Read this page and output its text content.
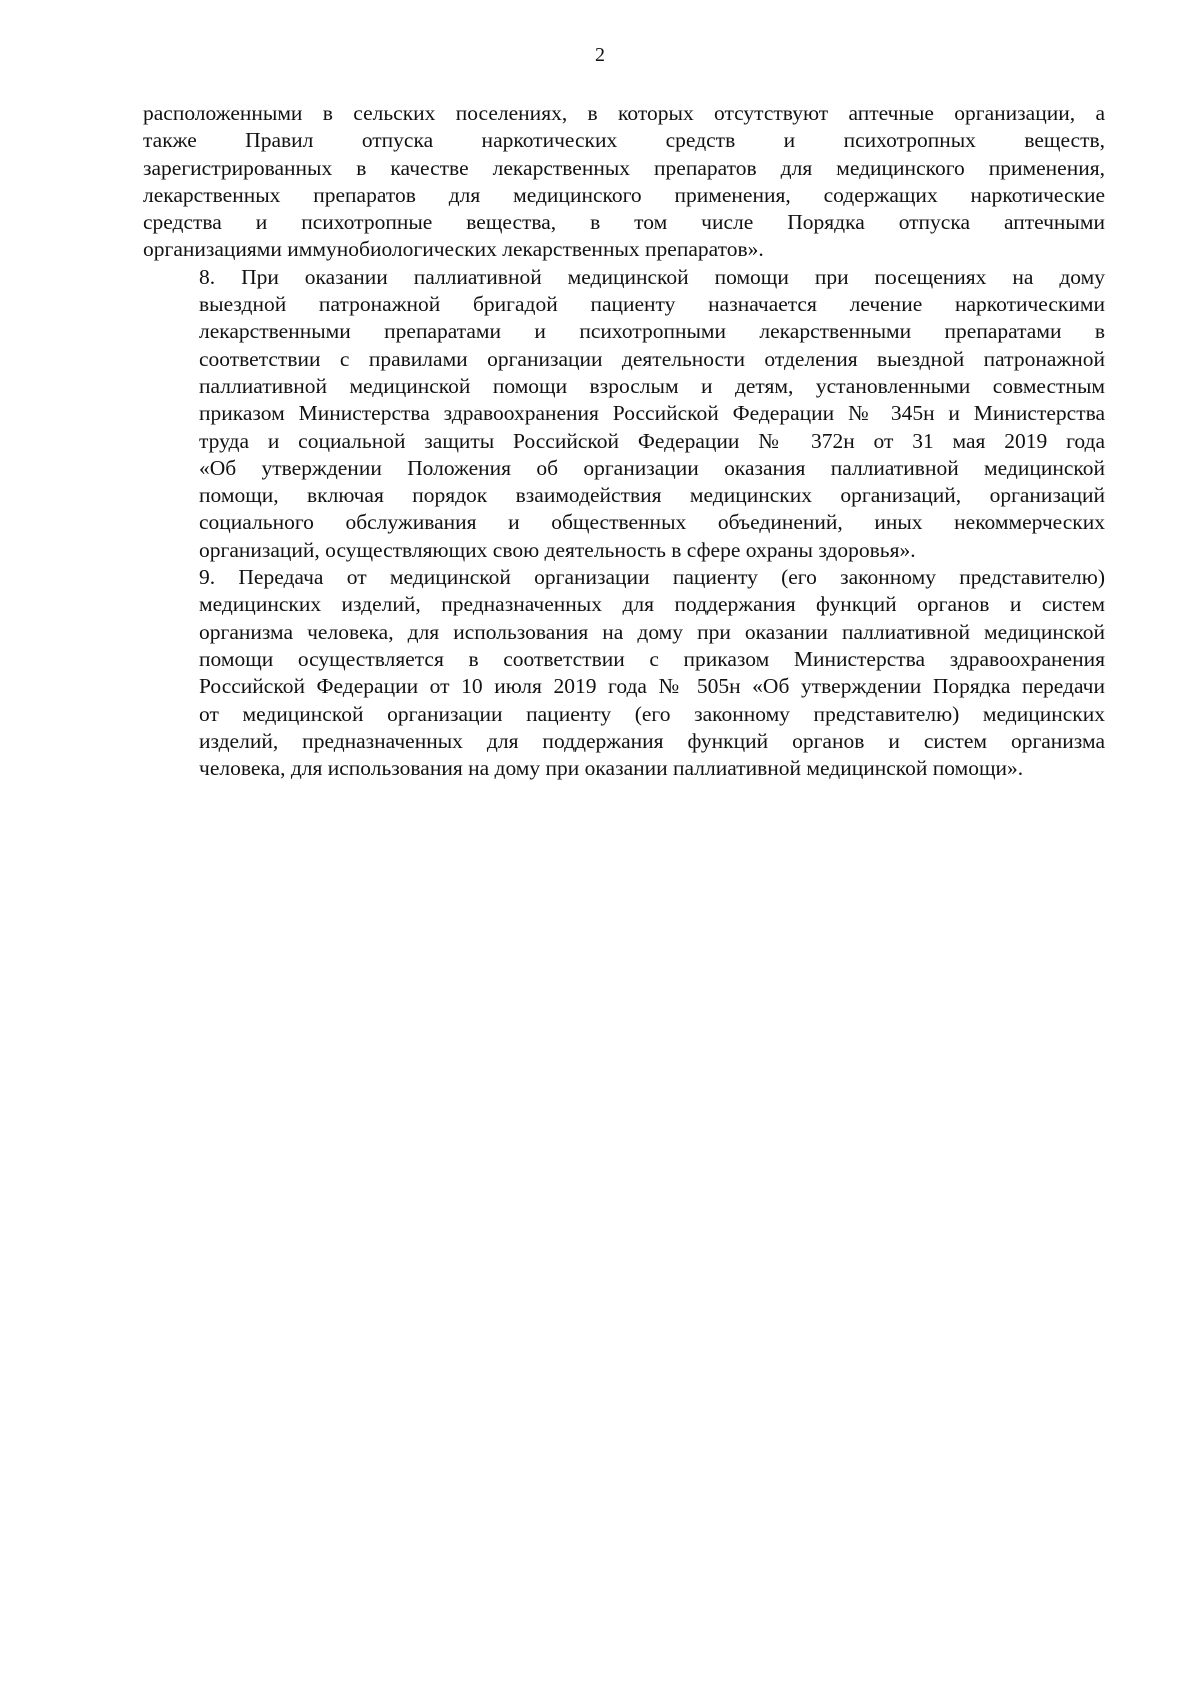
2

расположенными в сельских поселениях, в которых отсутствуют аптечные организации, а
также Правил отпуска наркотических средств и психотропных веществ,
зарегистрированных в качестве лекарственных препаратов для медицинского применения,
лекарственных препаратов для медицинского применения, содержащих наркотические
средства и психотропные вещества, в том числе Порядка отпуска аптечными
организациями иммунобиологических лекарственных препаратов».

8. При оказании паллиативной медицинской помощи при посещениях на дому
выездной патронажной бригадой пациенту назначается лечение наркотическими
лекарственными препаратами и психотропными лекарственными препаратами в
соответствии с правилами организации деятельности отделения выездной патронажной
паллиативной медицинской помощи взрослым и детям, установленными совместным
приказом Министерства здравоохранения Российской Федерации № 345н и Министерства
труда и социальной защиты Российской Федерации № 372н от 31 мая 2019 года
«Об утверждении Положения об организации оказания паллиативной медицинской
помощи, включая порядок взаимодействия медицинских организаций, организаций
социального обслуживания и общественных объединений, иных некоммерческих
организаций, осуществляющих свою деятельность в сфере охраны здоровья».

9. Передача от медицинской организации пациенту (его законному представителю)
медицинских изделий, предназначенных для поддержания функций органов и систем
организма человека, для использования на дому при оказании паллиативной медицинской
помощи осуществляется в соответствии с приказом Министерства здравоохранения
Российской Федерации от 10 июля 2019 года № 505н «Об утверждении Порядка передачи
от медицинской организации пациенту (его законному представителю) медицинских
изделий, предназначенных для поддержания функций органов и систем организма
человека, для использования на дому при оказании паллиативной медицинской помощи».
